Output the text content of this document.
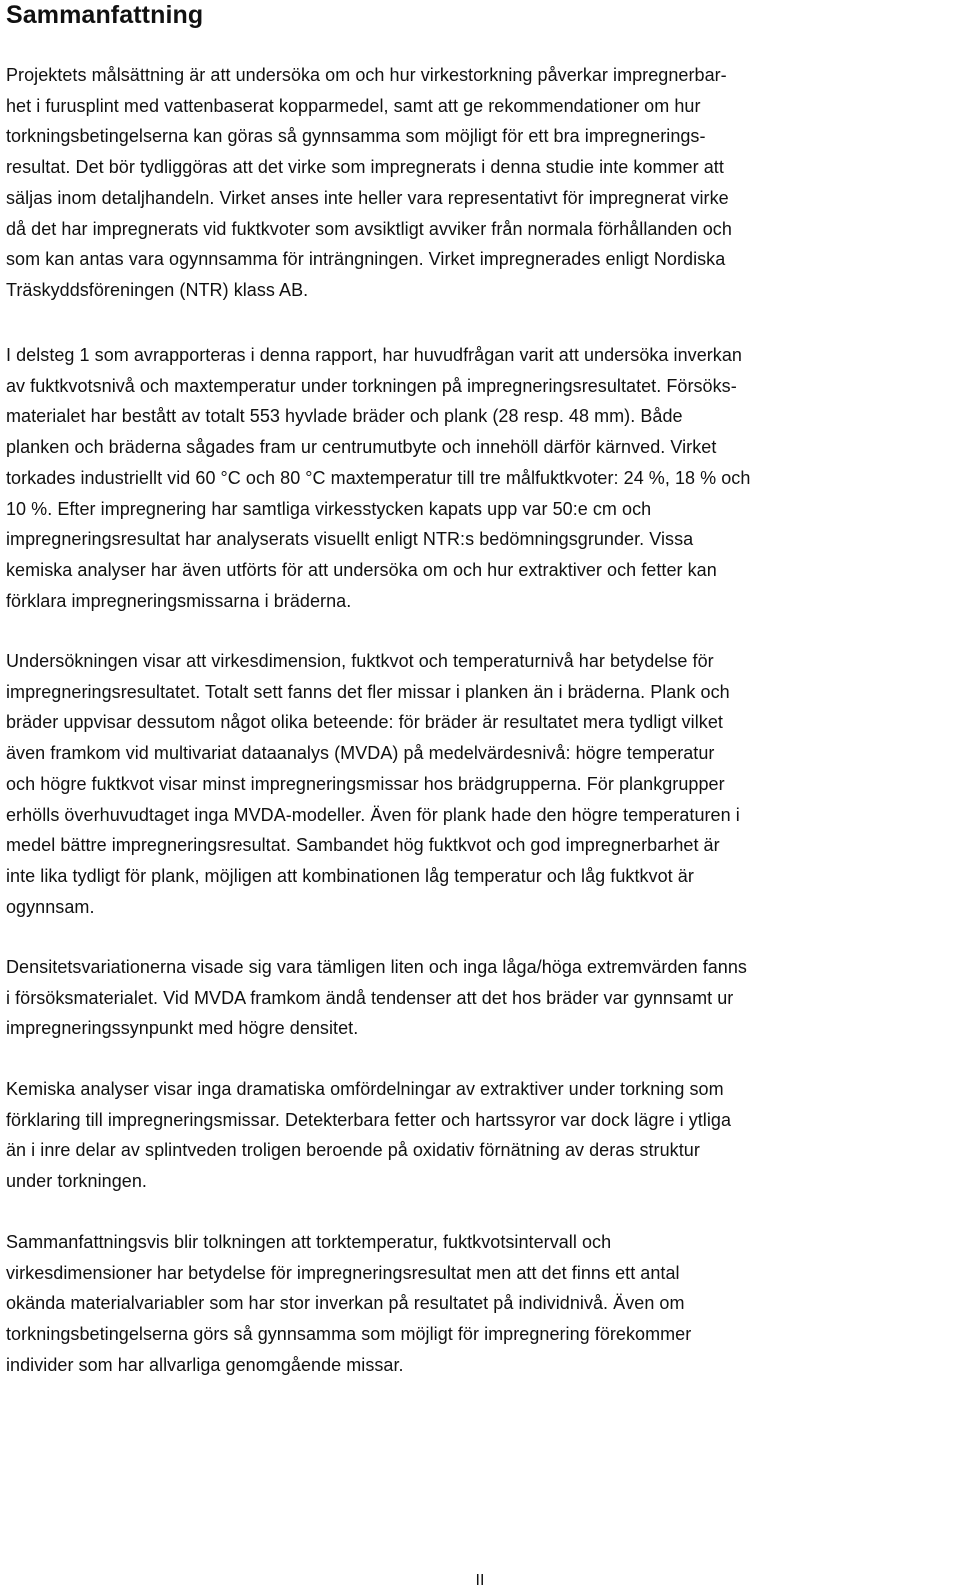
Sammanfattning
Projektets målsättning är att undersöka om och hur virkestorkning påverkar impregnerbar-
het i furusplint med vattenbaserat kopparmedel, samt att ge rekommendationer om hur
torkningsbetingelserna kan göras så gynnsamma som möjligt för ett bra impregnerings-
resultat. Det bör tydliggöras att det virke som impregnerats i denna studie inte kommer att
säljas inom detaljhandeln. Virket anses inte heller vara representativt för impregnerat virke
då det har impregnerats vid fuktkvoter som avsiktligt avviker från normala förhållanden och
som kan antas vara ogynnsamma för inträngningen. Virket impregnerades enligt Nordiska
Träskyddsföreningen (NTR) klass AB.
I delsteg 1 som avrapporteras i denna rapport, har huvudfrågan varit att undersöka inverkan
av fuktkvotsnivå och maxtemperatur under torkningen på impregneringsresultatet. Försöks-
materialet har bestått av totalt 553 hyvlade bräder och plank (28 resp. 48 mm). Både
planken och bräderna sågades fram ur centrumutbyte och innehöll därför kärnved. Virket
torkades industriellt vid 60 °C och 80 °C maxtemperatur till tre målfuktkvoter: 24 %, 18 % och
10 %. Efter impregnering har samtliga virkesstycken kapats upp var 50:e cm och
impregneringsresultat har analyserats visuellt enligt NTR:s bedömningsgrunder. Vissa
kemiska analyser har även utförts för att undersöka om och hur extraktiver och fetter kan
förklara impregneringsmissarna i bräderna.
Undersökningen visar att virkesdimension, fuktkvot och temperaturnivå har betydelse för
impregneringsresultatet. Totalt sett fanns det fler missar i planken än i bräderna. Plank och
bräder uppvisar dessutom något olika beteende: för bräder är resultatet mera tydligt vilket
även framkom vid multivariat dataanalys (MVDA) på medelvärdesnivå: högre temperatur
och högre fuktkvot visar minst impregneringsmissar hos brädgrupperna. För plankgrupper
erhölls överhuvudtaget inga MVDA-modeller. Även för plank hade den högre temperaturen i
medel bättre impregneringsresultat. Sambandet hög fuktkvot och god impregnerbarhet är
inte lika tydligt för plank, möjligen att kombinationen låg temperatur och låg fuktkvot är
ogynnsam.
Densitetsvariationerna visade sig vara tämligen liten och inga låga/höga extremvärden fanns
i försöksmaterialet. Vid MVDA framkom ändå tendenser att det hos bräder var gynnsamt ur
impregneringssynpunkt med högre densitet.
Kemiska analyser visar inga dramatiska omfördelningar av extraktiver under torkning som
förklaring till impregneringsmissar. Detekterbara fetter och hartssyror var dock lägre i ytliga
än i inre delar av splintveden troligen beroende på oxidativ förnätning av deras struktur
under torkningen.
Sammanfattningsvis blir tolkningen att torktemperatur, fuktkvotsintervall och
virkesdimensioner har betydelse för impregneringsresultat men att det finns ett antal
okända materialvariabler som har stor inverkan på resultatet på individnivå. Även om
torkningsbetingelserna görs så gynnsamma som möjligt för impregnering förekommer
individer som har allvarliga genomgående missar.
II
